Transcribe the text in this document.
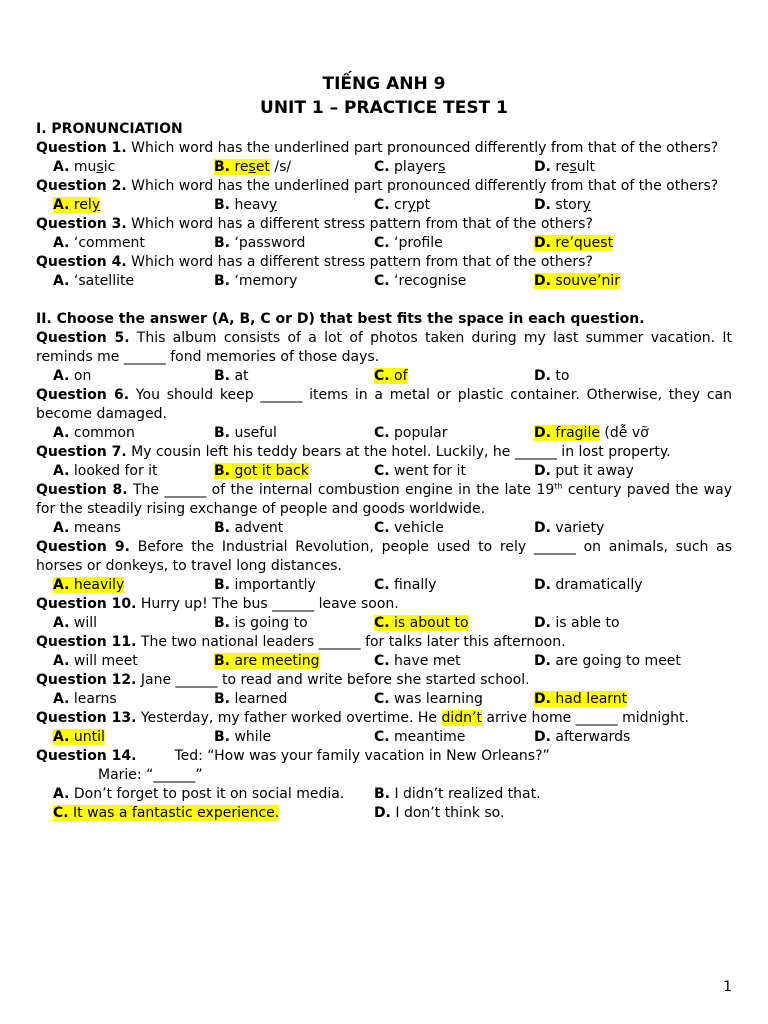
TIẾNG ANH 9
UNIT 1 – PRACTICE TEST 1
I. PRONUNCIATION
Question 1. Which word has the underlined part pronounced differently from that of the others?
A. music	B. reset /s/	C. players	D. result
Question 2. Which word has the underlined part pronounced differently from that of the others?
A. rely	B. heavy	C. crypt	D. story
Question 3. Which word has a different stress pattern from that of the others?
A. ‘comment	B. ‘password	C. ‘profile	D. re’quest
Question 4. Which word has a different stress pattern from that of the others?
A. ‘satellite	B. ‘memory	C. ‘recognise	D. souve’nir
II. Choose the answer (A, B, C or D) that best fits the space in each question.
Question 5. This album consists of a lot of photos taken during my last summer vacation. It reminds me ______ fond memories of those days.
A. on	B. at	C. of	D. to
Question 6. You should keep ______ items in a metal or plastic container. Otherwise, they can become damaged.
A. common	B. useful	C. popular	D. fragile (dễ vỡ
Question 7. My cousin left his teddy bears at the hotel. Luckily, he ______ in lost property.
A. looked for it	B. got it back	C. went for it	D. put it away
Question 8. The ______ of the internal combustion engine in the late 19th century paved the way for the steadily rising exchange of people and goods worldwide.
A. means	B. advent	C. vehicle	D. variety
Question 9. Before the Industrial Revolution, people used to rely ______ on animals, such as horses or donkeys, to travel long distances.
A. heavily	B. importantly	C. finally	D. dramatically
Question 10. Hurry up! The bus ______ leave soon.
A. will	B. is going to	C. is about to	D. is able to
Question 11. The two national leaders ______ for talks later this afternoon.
A. will meet	B. are meeting	C. have met	D. are going to meet
Question 12. Jane ______ to read and write before she started school.
A. learns	B. learned	C. was learning	D. had learnt
Question 13. Yesterday, my father worked overtime. He didn’t arrive home ______ midnight.
A. until	B. while	C. meantime	D. afterwards
Question 14.	Ted: “How was your family vacation in New Orleans?”
Marie: “______”
A. Don’t forget to post it on social media. B. I didn’t realized that.
C. It was a fantastic experience.	D. I don’t think so.
1
